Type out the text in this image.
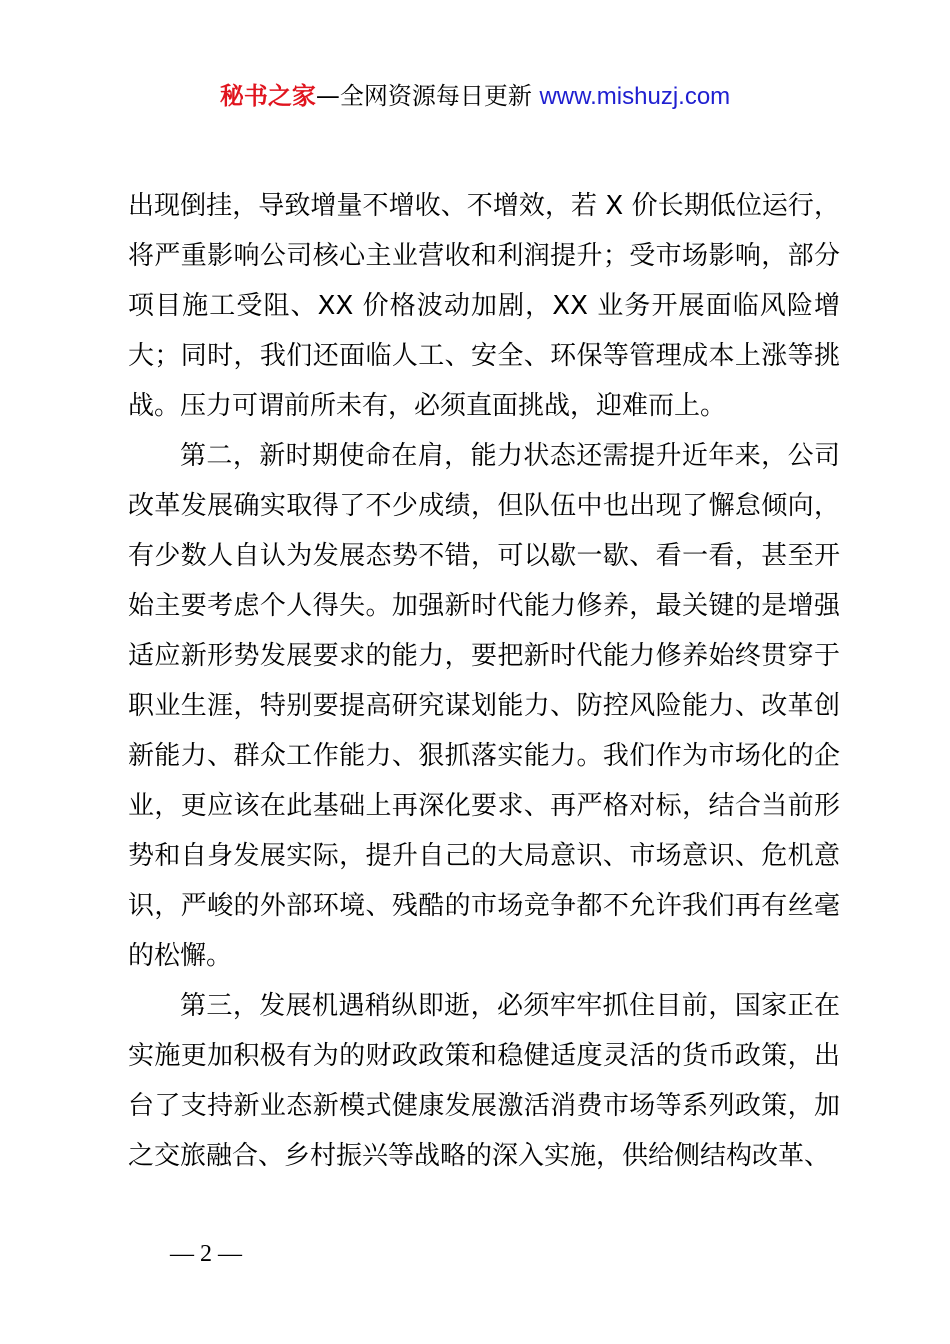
秘书之家—全网资源每日更新 www.mishuzj.com

出现倒挂，导致增量不增收、不增效，若 X 价长期低位运行，将严重影响公司核心主业营收和利润提升；受市场影响，部分项目施工受阻、XX 价格波动加剧，XX 业务开展面临风险增大；同时，我们还面临人工、安全、环保等管理成本上涨等挑战。压力可谓前所未有，必须直面挑战，迎难而上。

第二，新时期使命在肩，能力状态还需提升近年来，公司改革发展确实取得了不少成绩，但队伍中也出现了懈怠倾向，有少数人自认为发展态势不错，可以歇一歇、看一看，甚至开始主要考虑个人得失。加强新时代能力修养，最关键的是增强适应新形势发展要求的能力，要把新时代能力修养始终贯穿于职业生涯，特别要提高研究谋划能力、防控风险能力、改革创新能力、群众工作能力、狠抓落实能力。我们作为市场化的企业，更应该在此基础上再深化要求、再严格对标，结合当前形势和自身发展实际，提升自己的大局意识、市场意识、危机意识，严峻的外部环境、残酷的市场竞争都不允许我们再有丝毫的松懈。

第三，发展机遇稍纵即逝，必须牢牢抓住目前，国家正在实施更加积极有为的财政政策和稳健适度灵活的货币政策，出台了支持新业态新模式健康发展激活消费市场等系列政策，加之交旅融合、乡村振兴等战略的深入实施，供给侧结构改革、

— 2 —
